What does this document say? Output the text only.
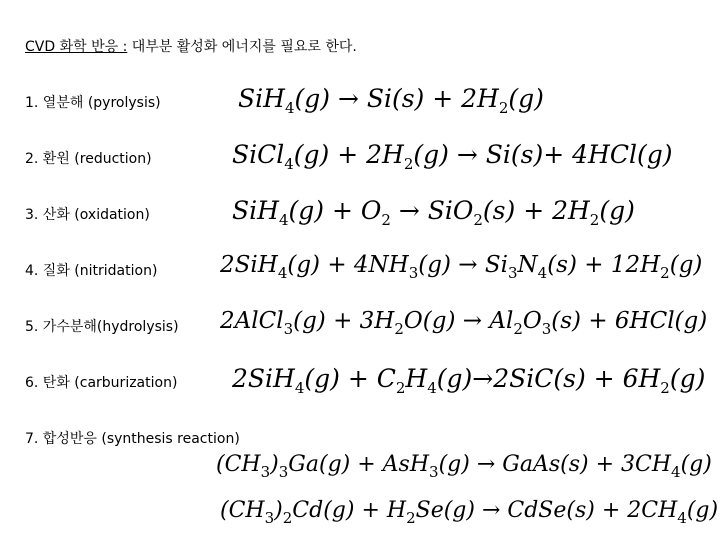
CVD 화학 반응 : 대부분 활성화 에너지를 필요로 한다.
1. 열분해 (pyrolysis)
2. 환원 (reduction)
3. 산화 (oxidation)
4. 질화 (nitridation)
5. 가수분해(hydrolysis)
6. 탄화 (carburization)
7. 합성반응 (synthesis reaction)
$SiH_4(g) \to Si(s) + 2H_2(g)$
SiCl$_4$(g) + $2H_2(g) \to Si(s)+ 4HCl(g)$
$SiH_4(g) + O_2 \to SiO_2(s) + 2H_2(g)$
$2SiH_4(g) + 4NH_3(g) \to Si_3N_4(s) + 12H_2(g)$
2AlCl$_3$(g) + $3H_2O(g) \to Al_2O_3(s) + 6HCl(g)$
$2SiH_4(g) + C_2H_4(g)\to 2SiC(s) + 6H_2(g)$
$(CH_3)_3Ga(g) + AsH_3(g)$ → GaAs(s) + $3CH_4(g)$
$(CH_3)_2Cd(g) + H_2Se(g)$ → CdSe(s) + $2CH_4(g)$
